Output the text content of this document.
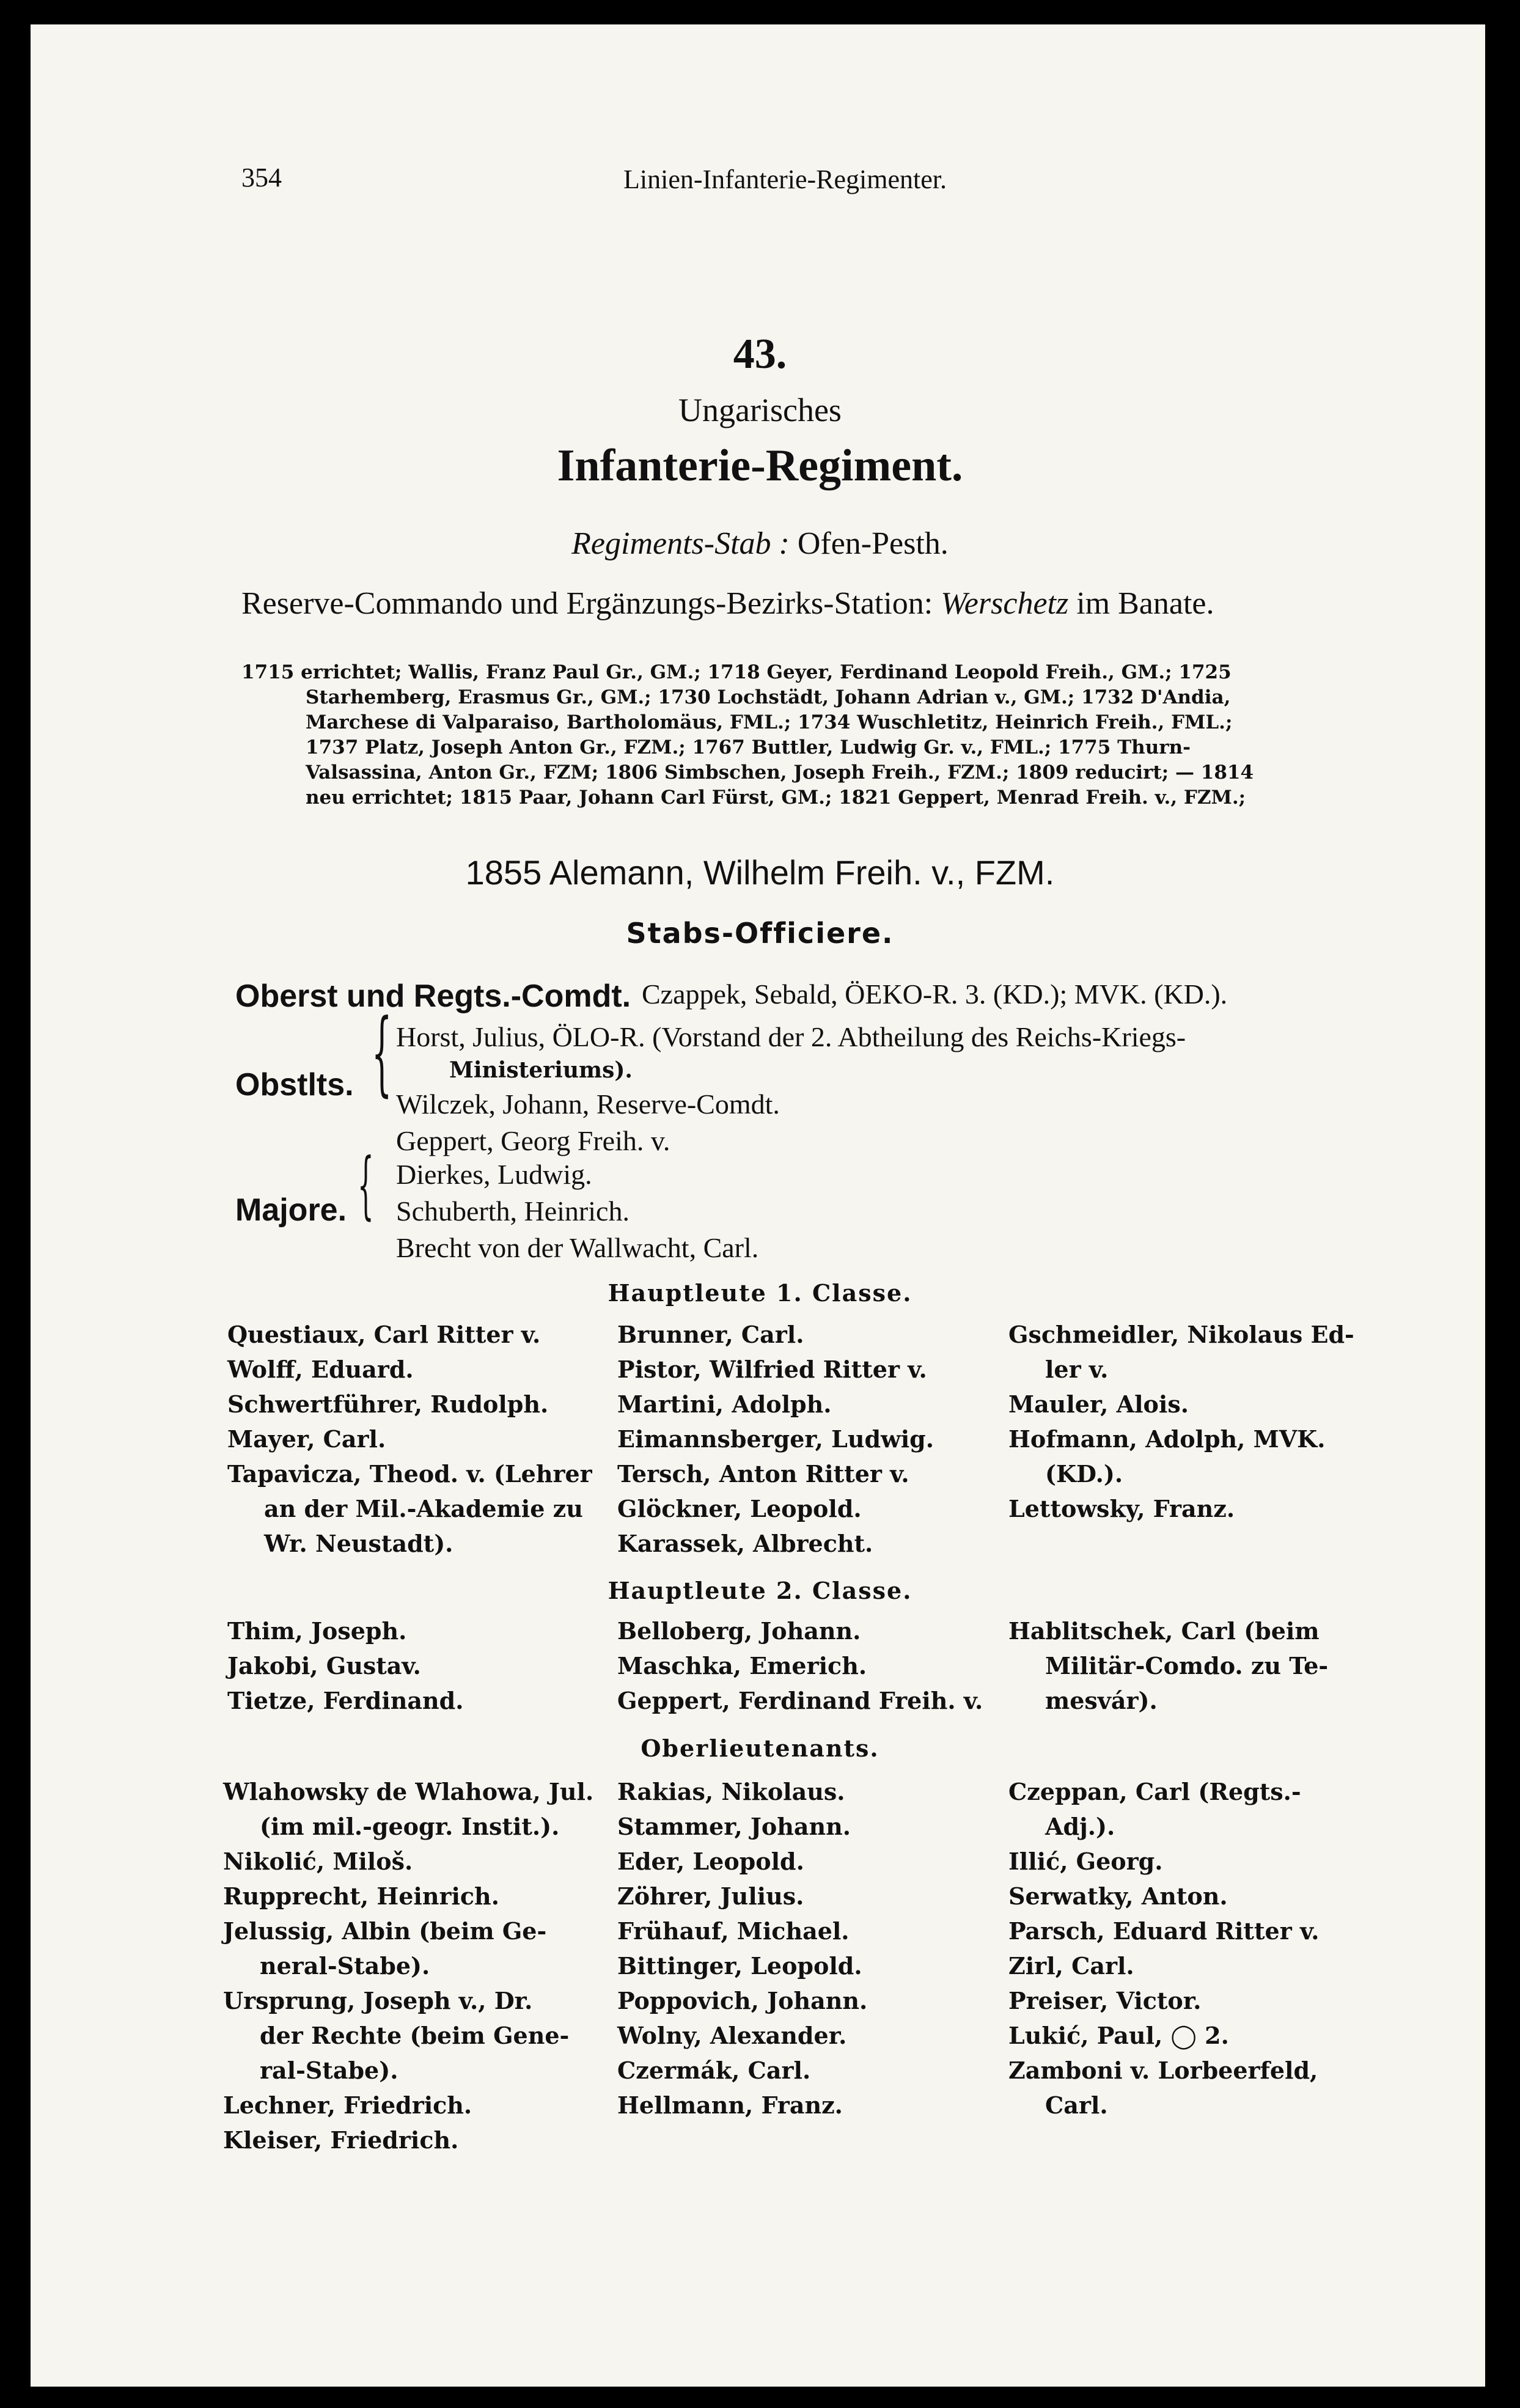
354	Linien-Infanterie-Regimenter.
43.
Ungarisches
Infanterie-Regiment.
Regiments-Stab : Ofen-Pesth.
Reserve-Commando und Ergänzungs-Bezirks-Station: Werschetz im Banate.

1715 errichtet; Wallis, Franz Paul Gr., GM.; 1718 Geyer, Ferdinand Leopold Freih., GM.; 1725

Starhemberg, Erasmus Gr., GM.; 1730 Lochstädt, Johann Adrian v., GM.; 1732 D'Andia,

Marchese di Valparaiso, Bartholomäus, FML.; 1734 Wuschletitz, Heinrich Freih., FML.;

1737 Platz, Joseph Anton Gr., FZM.; 1767 Buttler, Ludwig Gr. v., FML.; 1775 Thurn-

Valsassina, Anton Gr., FZM; 1806 Simbschen, Joseph Freih., FZM.; 1809 reducirt; — 1814

neu errichtet; 1815 Paar, Johann Carl Fürst, GM.; 1821 Geppert, Menrad Freih. v., FZM.;

1855 Alemann, Wilhelm Freih. v., FZM.
Stabs-Officiere.
Oberst und Regts.-Comdt. Czappek, Sebald, ÖEKO-R. 3. (KD.); MVK. (KD.).
Obstlts. { Horst, Julius, ÖLO-R. (Vorstand der 2. Abtheilung des Reichs-Kriegs-
Ministeriums).
Wilczek, Johann, Reserve-Comdt.
Geppert, Georg Freih. v.
Majore. { Dierkes, Ludwig.
Schuberth, Heinrich.
Brecht von der Wallwacht, Carl.
Hauptleute 1. Classe.
Questiaux, Carl Ritter v.
Wolff, Eduard.
Schwertführer, Rudolph.
Mayer, Carl.
Tapavicza, Theod. v. (Lehrer
an der Mil.-Akademie zu
Wr. Neustadt).
Brunner, Carl.
Pistor, Wilfried Ritter v.
Martini, Adolph.
Eimannsberger, Ludwig.
Tersch, Anton Ritter v.
Glöckner, Leopold.
Karassek, Albrecht.
Gschmeidler, Nikolaus Ed-
ler v.
Mauler, Alois.
Hofmann, Adolph, MVK.
(KD.).
Lettowsky, Franz.
Hauptleute 2. Classe.
Thim, Joseph.
Jakobi, Gustav.
Tietze, Ferdinand.
Belloberg, Johann.
Maschka, Emerich.
Geppert, Ferdinand Freih. v.
Hablitschek, Carl (beim
Militär-Comdo. zu Te-
mesvár).
Oberlieutenants.
Wlahowsky de Wlahowa, Jul.
(im mil.-geogr. Instit.).
Nikolić, Miloš.
Rupprecht, Heinrich.
Jelussig, Albin (beim Ge-
neral-Stabe).
Ursprung, Joseph v., Dr.
der Rechte (beim Gene-
ral-Stabe).
Lechner, Friedrich.
Kleiser, Friedrich.
Rakias, Nikolaus.
Stammer, Johann.
Eder, Leopold.
Zöhrer, Julius.
Frühauf, Michael.
Bittinger, Leopold.
Poppovich, Johann.
Wolny, Alexander.
Czermák, Carl.
Hellmann, Franz.
Czeppan, Carl (Regts.-
Adj.).
Illić, Georg.
Serwatky, Anton.
Parsch, Eduard Ritter v.
Zirl, Carl.
Preiser, Victor.
Lukić, Paul, ◯ 2.
Zamboni v. Lorbeerfeld,
Carl.
